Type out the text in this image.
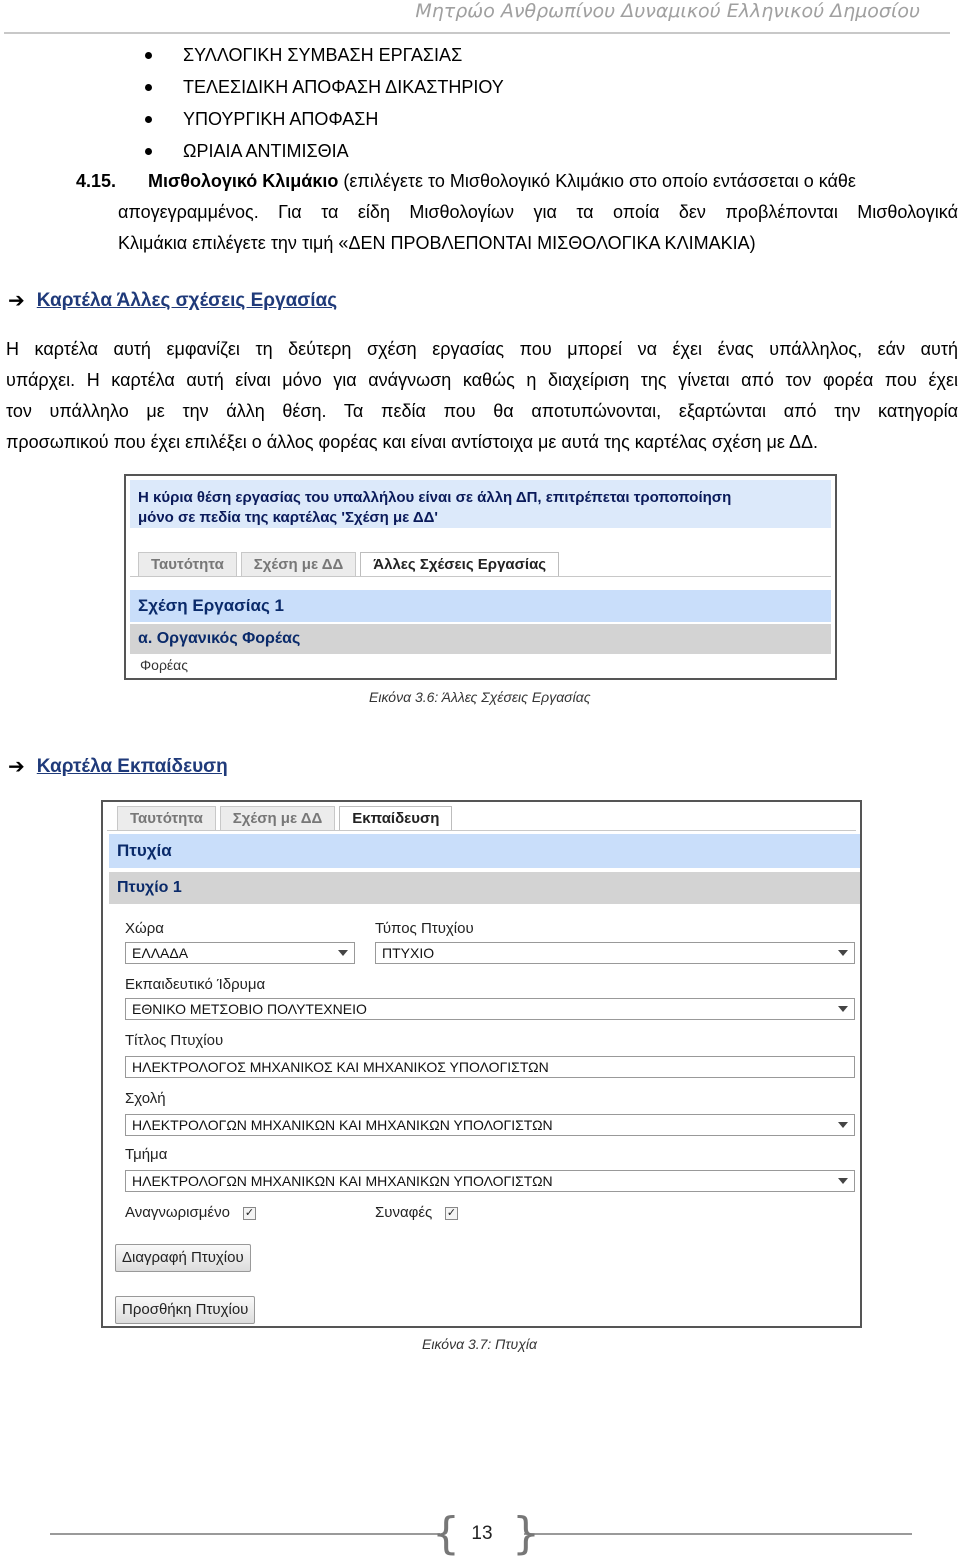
Μητρώο Ανθρωπίνου Δυναμικού Ελληνικού Δημοσίου
ΣΥΛΛΟΓΙΚΗ ΣΥΜΒΑΣΗ ΕΡΓΑΣΙΑΣ
ΤΕΛΕΣΙΔΙΚΗ ΑΠΟΦΑΣΗ ΔΙΚΑΣΤΗΡΙΟΥ
ΥΠΟΥΡΓΙΚΗ ΑΠΟΦΑΣΗ
ΩΡΙΑΙΑ ΑΝΤΙΜΙΣΘΙΑ
4.15. Μισθολογικό Κλιμάκιο (επιλέγετε το Μισθολογικό Κλιμάκιο στο οποίο εντάσσεται ο κάθε
απογεγραμμένος. Για τα είδη Μισθολογίων για τα οποία δεν προβλέπονται Μισθολογικά
Κλιμάκια επιλέγετε την τιμή «ΔΕΝ ΠΡΟΒΛΕΠΟΝΤΑΙ ΜΙΣΘΟΛΟΓΙΚΑ ΚΛΙΜΑΚΙΑ)
➔ Καρτέλα Άλλες σχέσεις Εργασίας
Η καρτέλα αυτή εμφανίζει τη δεύτερη σχέση εργασίας που μπορεί να έχει ένας υπάλληλος, εάν αυτή
υπάρχει. Η καρτέλα αυτή είναι μόνο για ανάγνωση καθώς η διαχείριση της γίνεται από τον φορέα που έχει
τον υπάλληλο με την άλλη θέση. Τα πεδία που θα αποτυπώνονται, εξαρτώνται από την κατηγορία
προσωπικού που έχει επιλέξει ο άλλος φορέας και είναι αντίστοιχα με αυτά της καρτέλας σχέση με ΔΔ.
Η κύρια θέση εργασίας του υπαλλήλου είναι σε άλλη ΔΠ, επιτρέπεται τροποποίηση
μόνο σε πεδία της καρτέλας 'Σχέση με ΔΔ'
Ταυτότητα	Σχέση με ΔΔ	Άλλες Σχέσεις Εργασίας
Σχέση Εργασίας 1
α. Οργανικός Φορέας
Φορέας
Εικόνα 3.6: Άλλες Σχέσεις Εργασίας
➔ Καρτέλα Εκπαίδευση
Ταυτότητα	Σχέση με ΔΔ	Εκπαίδευση
Πτυχία
Πτυχίο 1
Χώρα
ΕΛΛΑΔΑ
Τύπος Πτυχίου
ΠΤΥΧΙΟ
Εκπαιδευτικό Ίδρυμα
ΕΘΝΙΚΟ ΜΕΤΣΟΒΙΟ ΠΟΛΥΤΕΧΝΕΙΟ
Τίτλος Πτυχίου
ΗΛΕΚΤΡΟΛΟΓΟΣ ΜΗΧΑΝΙΚΟΣ ΚΑΙ ΜΗΧΑΝΙΚΟΣ ΥΠΟΛΟΓΙΣΤΩΝ
Σχολή
ΗΛΕΚΤΡΟΛΟΓΩΝ ΜΗΧΑΝΙΚΩΝ ΚΑΙ ΜΗΧΑΝΙΚΩΝ ΥΠΟΛΟΓΙΣΤΩΝ
Τμήμα
ΗΛΕΚΤΡΟΛΟΓΩΝ ΜΗΧΑΝΙΚΩΝ ΚΑΙ ΜΗΧΑΝΙΚΩΝ ΥΠΟΛΟΓΙΣΤΩΝ
Αναγνωρισμένο ✓	Συναφές ✓
Διαγραφή Πτυχίου
Προσθήκη Πτυχίου
Εικόνα 3.7: Πτυχία
{ }
13
